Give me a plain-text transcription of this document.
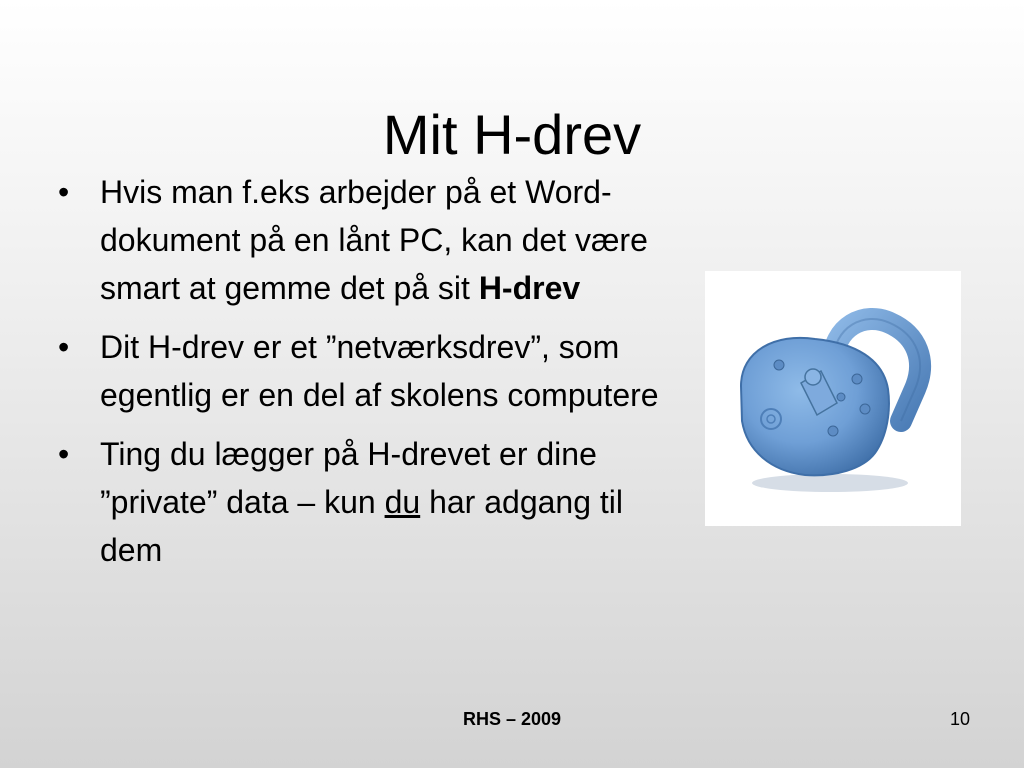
Mit H-drev
• Hvis man f.eks arbejder på et Word-dokument på en lånt PC, kan det være smart at gemme det på sit H-drev
• Dit H-drev er et ”netværksdrev”, som egentlig er en del af skolens computere
• Ting du lægger på H-drevet er dine ”private” data – kun du har adgang til dem
RHS – 2009	10
